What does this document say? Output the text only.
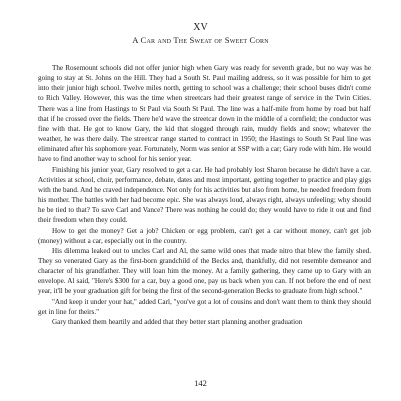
XV
A Car and The Sweat of Sweet Corn

The Rosemount schools did not offer junior high when Gary was ready for seventh grade, but no way was he going to stay at St. Johns on the Hill. They had a South St. Paul mailing address, so it was possible for him to get into their junior high school. Twelve miles north, getting to school was a challenge; their school buses didn't come to Rich Valley. However, this was the time when streetcars had their greatest range of service in the Twin Cities. There was a line from Hastings to St Paul via South St Paul. The line was a half-mile from home by road but half that if he crossed over the fields. There he'd wave the streetcar down in the middle of a cornfield; the conductor was fine with that. He got to know Gary, the kid that slogged through rain, muddy fields and snow; whatever the weather, he was there daily. The streetcar range started to contract in 1950; the Hastings to South St Paul line was eliminated after his sophomore year. Fortunately, Norm was senior at SSP with a car; Gary rode with him. He would have to find another way to school for his senior year.

Finishing his junior year, Gary resolved to get a car. He had probably lost Sharon because he didn't have a car. Activities at school, choir, performance, debate, dates and most important, getting together to practice and play gigs with the band. And he craved independence. Not only for his activities but also from home, he needed freedom from his mother. The battles with her had become epic. She was always loud, always right, always unfeeling; why should he be tied to that? To save Carl and Vance? There was nothing he could do; they would have to ride it out and find their freedom when they could.

How to get the money? Get a job? Chicken or egg problem, can't get a car without money, can't get job (money) without a car, especially out in the country.

His dilemma leaked out to uncles Carl and Al, the same wild ones that made nitro that blew the family shed. They so venerated Gary as the first-born grandchild of the Becks and, thankfully, did not resemble demeanor and character of his grandfather. They will loan him the money. At a family gathering, they came up to Gary with an envelope. Al said, "Here's $300 for a car, buy a good one, pay us back when you can. If not before the end of next year, it'll be your graduation gift for being the first of the second-generation Becks to graduate from high school."

"And keep it under your hat," added Carl, "you've got a lot of cousins and don't want them to think they should get in line for theirs."

Gary thanked them heartily and added that they better start planning another graduation

142
